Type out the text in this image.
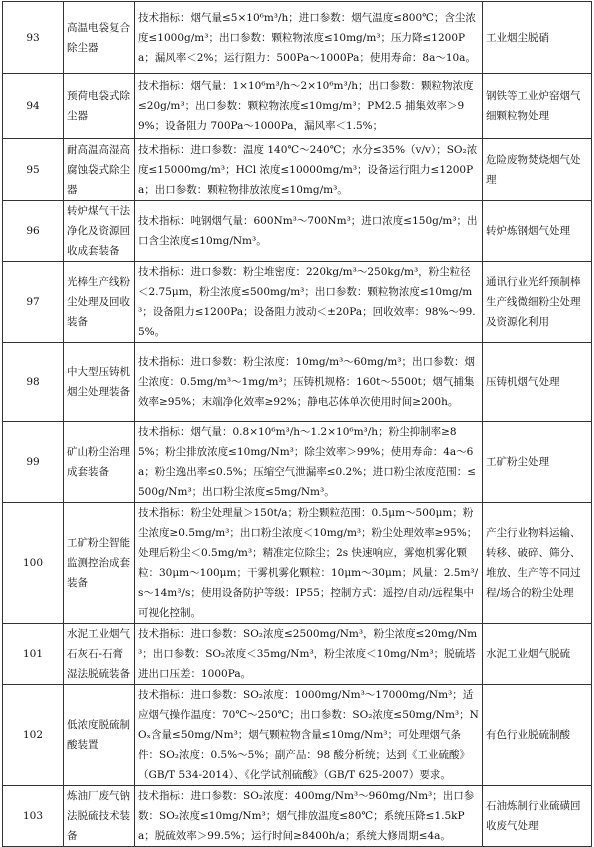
93	高温电袋复合除尘器	技术指标：烟气量≤5×10⁶m³/h；进口参数：烟气温度≤800℃；含尘浓度≤1000g/m³；出口参数：颗粒物浓度≤10mg/m³；压力降≤1200Pa；漏风率＜2%；运行阻力：500Pa～1000Pa；使用寿命：8a～10a。	工业烟尘脱硝
94	预荷电袋式除尘器	技术指标：烟气量：1×10⁶m³/h～2×10⁶m³/h；出口参数：颗粒物浓度≤20g/m³；出口参数：颗粒物浓度≤10mg/m³；PM2.5 捕集效率＞99%；设备阻力 700Pa～1000Pa，漏风率＜1.5%；	钢铁等工业炉窑烟气细颗粒物处理
95	耐高温高湿高腐蚀袋式除尘器	技术指标：进口参数：温度 140℃～240℃；水分≤35%（v/v）；SO₂浓度≤15000mg/m³；HCl 浓度≤10000mg/m³；设备运行阻力≤1200Pa；出口参数：颗粒物排放浓度≤10mg/m³。	危险废物焚烧烟气处理
96	转炉煤气干法净化及资源回收成套装备	技术指标：吨钢烟气量：600Nm³～700Nm³；进口浓度≤150g/m³；出口含尘浓度≤10mg/Nm³。	转炉炼钢烟气处理
97	光棒生产线粉尘处理及回收装备	技术指标：进口参数：粉尘堆密度：220kg/m³～250kg/m³，粉尘粒径＜2.75μm，粉尘浓度≤500mg/m³；出口参数：颗粒物浓度≤10mg/m³；设备阻力≤1200Pa；设备阻力波动＜±20Pa；回收效率：98%～99.5%。	通讯行业光纤预制棒生产线微细粉尘处理及资源化利用
98	中大型压铸机烟尘处理装备	技术指标：进口参数：粉尘浓度：10mg/m³～60mg/m³；出口参数：烟尘浓度：0.5mg/m³～1mg/m³；压铸机规格：160t～5500t；烟气捕集效率≥95%；末端净化效率≥92%；静电芯体单次使用时间≥200h。	压铸机烟气处理
99	矿山粉尘治理成套装备	技术指标：烟气量：0.8×10⁶m³/h～1.2×10⁶m³/h；粉尘抑制率≥85%；粉尘排放浓度≤10mg/Nm³；除尘效率＞99%；使用寿命：4a～6a；粉尘逸出率≤0.5%；压缩空气泄漏率≤0.2%；进口粉尘浓度范围：≤500g/Nm³；出口粉尘浓度≤5mg/Nm³。	工矿粉尘处理
100	工矿粉尘智能监测控治成套装备	技术指标：粉尘处理量＞150t/a；粉尘颗粒范围：0.5μm～500μm；粉尘浓度≥0.5mg/m³；出口粉尘浓度＜10mg/m³；粉尘处理效率≥95%；处理后粉尘＜0.5mg/m³；精准定位除尘；2s 快速响应，雾炮机雾化颗粒：30μm～100μm；干雾机雾化颗粒：10μm～30μm；风量：2.5m³/s～14m³/s；使用设备防护等级：IP55；控制方式：遥控/自动/远程集中可视化控制。	产尘行业物料运输、转移、破碎、筛分、堆放、生产等不同过程/场合的粉尘处理
101	水泥工业烟气石灰石-石膏湿法脱硫装备	技术指标：进口参数：SO₂浓度≤2500mg/Nm³，粉尘浓度≤20mg/Nm³；出口参数：SO₂浓度＜35mg/Nm³，粉尘浓度＜10mg/Nm³；脱硫塔进出口压差：1000Pa。	水泥工业烟气脱硫
102	低浓度脱硫制酸装置	技术指标：进口参数：SO₂浓度：1000mg/Nm³～17000mg/Nm³；适应烟气操作温度：70℃～250℃；出口参数：SO₂浓度≤50mg/Nm³；NOₓ含量≤50mg/Nm³；烟气颗粒物含量≤10mg/Nm³；可处理烟气条件：SO₂浓度：0.5%～5%；副产品：98 酸分析统；达到《工业硫酸》（GB/T 534-2014）、《化学试剂硫酸》（GB/T 625-2007）要求。	有色行业脱硫制酸
103	炼油厂废气钠法脱硫技术装备	技术指标：进口参数：SO₂浓度：400mg/Nm³～960mg/Nm³；出口参数：SO₂浓度≤10mg/Nm³；烟气排放温度≤80℃；系统压降≤1.5kPa；脱硫效率＞99.5%；运行时间≥8400h/a；系统大修周期≤4a。	石油炼制行业硫磺回收废气处理
